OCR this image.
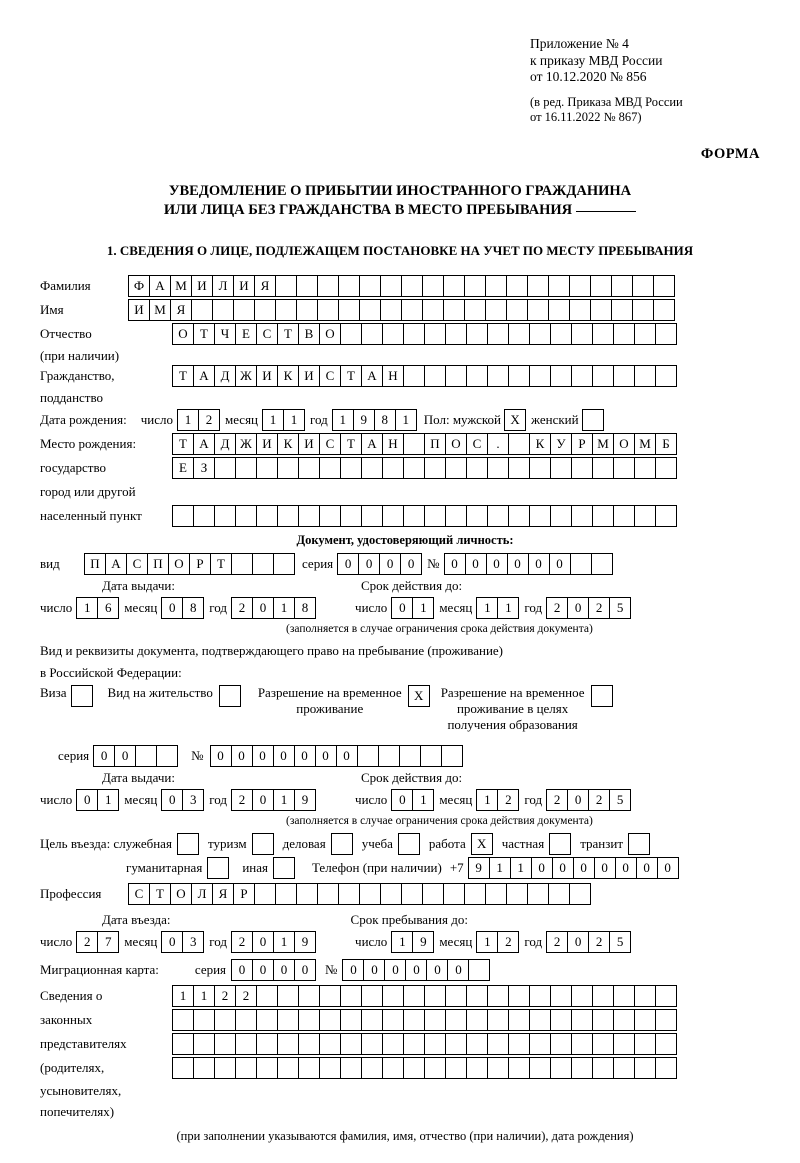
Приложение № 4
к приказу МВД России
от 10.12.2020 № 856
(в ред. Приказа МВД России
от 16.11.2022 № 867)
ФОРМА
УВЕДОМЛЕНИЕ О ПРИБЫТИИ ИНОСТРАННОГО ГРАЖДАНИНА
ИЛИ ЛИЦА БЕЗ ГРАЖДАНСТВА В МЕСТО ПРЕБЫВАНИЯ
1. СВЕДЕНИЯ О ЛИЦЕ, ПОДЛЕЖАЩЕМ ПОСТАНОВКЕ НА УЧЕТ ПО МЕСТУ ПРЕБЫВАНИЯ
Фамилия	Ф А М И Л И Я
Имя	И М Я
Отчество	О Т Ч Е С Т В О
(при наличии)
Гражданство,	Т А Д Ж И К И С Т А Н
подданство
Дата рождения: число 1	2 месяц 1	1 год 1	9	8	1	Пол: мужской X женский
Место рождения:	Т А Д Ж И К И С Т А Н	П О С	.	К У Р М О М Б
государство	Е	З
город или другой
населенный пункт
Документ, удостоверяющий личность:
вид	П А С П О Р	Т	серия 0	0	0	0 № 0	0	0	0	0	0
Дата выдачи:	Срок действия до:
число 1	6 месяц 0	8 год 2	0	1	8	число 0	1 месяц 1	1 год 2	0	2	5
(заполняется в случае ограничения срока действия документа)
Вид и реквизиты документа, подтверждающего право на пребывание (проживание)
в Российской Федерации:
Виза	Вид на жительство	Разрешение на временное
проживание
X	Разрешение на временное
проживание в целях
получения образования
серия 0	0	№	0	0	0	0	0	0	0
Дата выдачи:	Срок действия до:
число 0	1 месяц 0	3 год 2	0	1	9	число 0	1 месяц 1	2 год 2	0	2	5
(заполняется в случае ограничения срока действия документа)
Цель въезда: служебная	туризм	деловая	учеба	работа X	частная	транзит
гуманитарная	иная	Телефон (при наличии) +7 9	1	1	0	0	0	0	0	0	0
Профессия	С Т О Л Я	Р
Дата въезда:	Срок пребывания до:
число 2	7 месяц 0	3 год 2	0	1	9	число 1	9 месяц 1	2 год 2	0	2	5
Миграционная карта:	серия 0	0	0	0	№ 0	0	0	0	0	0
Сведения о	1	1	2	2
законных
представителях
(родителях,
усыновителях,
попечителях)
(при заполнении указываются фамилия, имя, отчество (при наличии), дата рождения)
